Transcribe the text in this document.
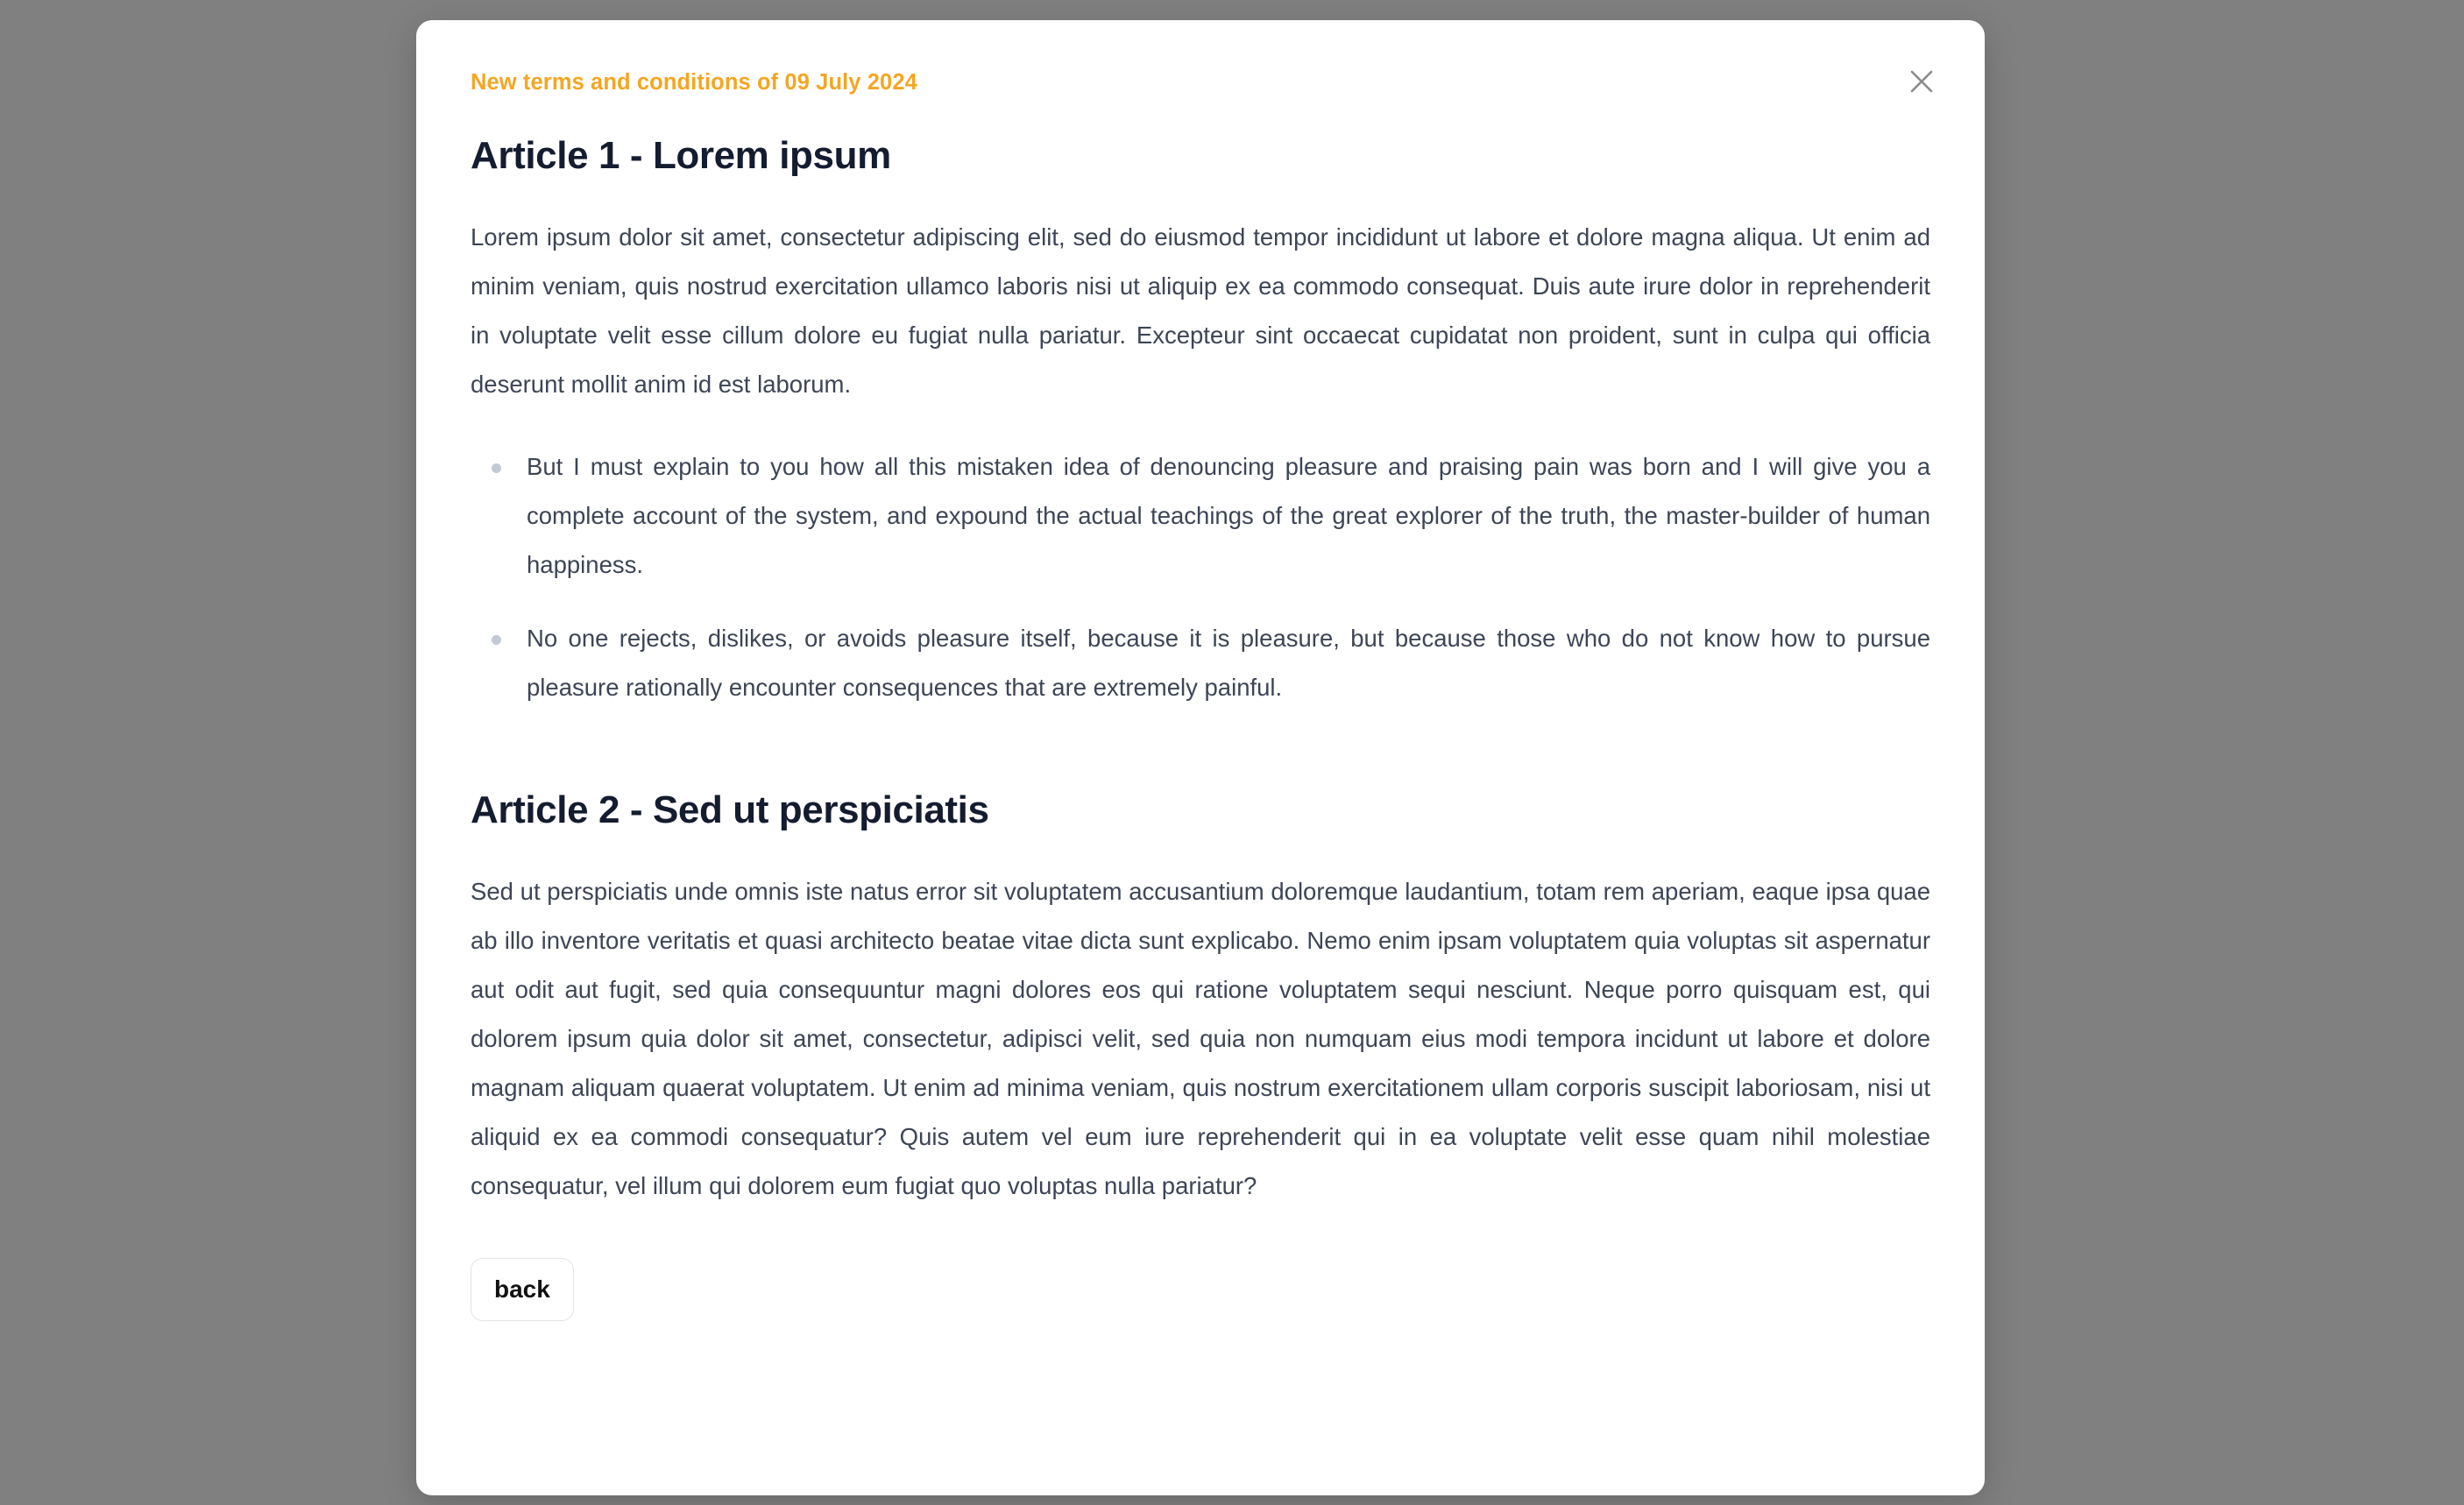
New terms and conditions of 09 July 2024
Article 1 - Lorem ipsum

Lorem ipsum dolor sit amet, consectetur adipiscing elit, sed do eiusmod tempor incididunt ut labore et dolore magna aliqua. Ut enim ad minim veniam, quis nostrud exercitation ullamco laboris nisi ut aliquip ex ea commodo consequat. Duis aute irure dolor in reprehenderit in voluptate velit esse cillum dolore eu fugiat nulla pariatur. Excepteur sint occaecat cupidatat non proident, sunt in culpa qui officia deserunt mollit anim id est laborum.

But I must explain to you how all this mistaken idea of denouncing pleasure and praising pain was born and I will give you a complete account of the system, and expound the actual teachings of the great explorer of the truth, the master-builder of human happiness.
No one rejects, dislikes, or avoids pleasure itself, because it is pleasure, but because those who do not know how to pursue pleasure rationally encounter consequences that are extremely painful.
Article 2 - Sed ut perspiciatis

Sed ut perspiciatis unde omnis iste natus error sit voluptatem accusantium doloremque laudantium, totam rem aperiam, eaque ipsa quae ab illo inventore veritatis et quasi architecto beatae vitae dicta sunt explicabo. Nemo enim ipsam voluptatem quia voluptas sit aspernatur aut odit aut fugit, sed quia consequuntur magni dolores eos qui ratione voluptatem sequi nesciunt. Neque porro quisquam est, qui dolorem ipsum quia dolor sit amet, consectetur, adipisci velit, sed quia non numquam eius modi tempora incidunt ut labore et dolore magnam aliquam quaerat voluptatem. Ut enim ad minima veniam, quis nostrum exercitationem ullam corporis suscipit laboriosam, nisi ut aliquid ex ea commodi consequatur? Quis autem vel eum iure reprehenderit qui in ea voluptate velit esse quam nihil molestiae consequatur, vel illum qui dolorem eum fugiat quo voluptas nulla pariatur?

back
